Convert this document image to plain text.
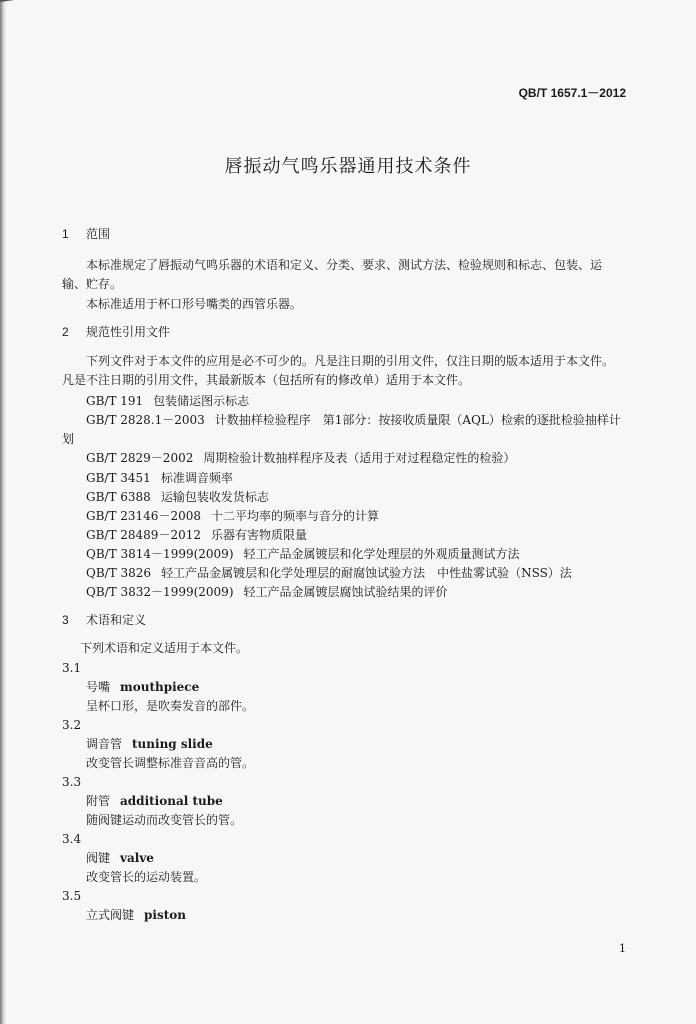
QB/T 1657.1－2012
唇振动气鸣乐器通用技术条件
1 范围
本标准规定了唇振动气鸣乐器的术语和定义、分类、要求、测试方法、检验规则和标志、包装、运
输、贮存。
本标准适用于杯口形号嘴类的西管乐器。
2 规范性引用文件
下列文件对于本文件的应用是必不可少的。凡是注日期的引用文件，仅注日期的版本适用于本文件。
凡是不注日期的引用文件，其最新版本（包括所有的修改单）适用于本文件。
GB/T 191 包装储运图示标志
GB/T 2828.1－2003 计数抽样检验程序　第1部分：按接收质量限（AQL）检索的逐批检验抽样计
划
GB/T 2829－2002 周期检验计数抽样程序及表（适用于对过程稳定性的检验）
GB/T 3451 标准调音频率
GB/T 6388 运输包装收发货标志
GB/T 23146－2008 十二平均率的频率与音分的计算
GB/T 28489－2012 乐器有害物质限量
QB/T 3814－1999(2009) 轻工产品金属镀层和化学处理层的外观质量测试方法
QB/T 3826 轻工产品金属镀层和化学处理层的耐腐蚀试验方法　中性盐雾试验（NSS）法
QB/T 3832－1999(2009) 轻工产品金属镀层腐蚀试验结果的评价
3 术语和定义
下列术语和定义适用于本文件。
3.1
号嘴 mouthpiece
呈杯口形，是吹奏发音的部件。
3.2
调音管 tuning slide
改变管长调整标准音音高的管。
3.3
附管 additional tube
随阀键运动而改变管长的管。
3.4
阀键 valve
改变管长的运动装置。
3.5
立式阀键 piston
1
